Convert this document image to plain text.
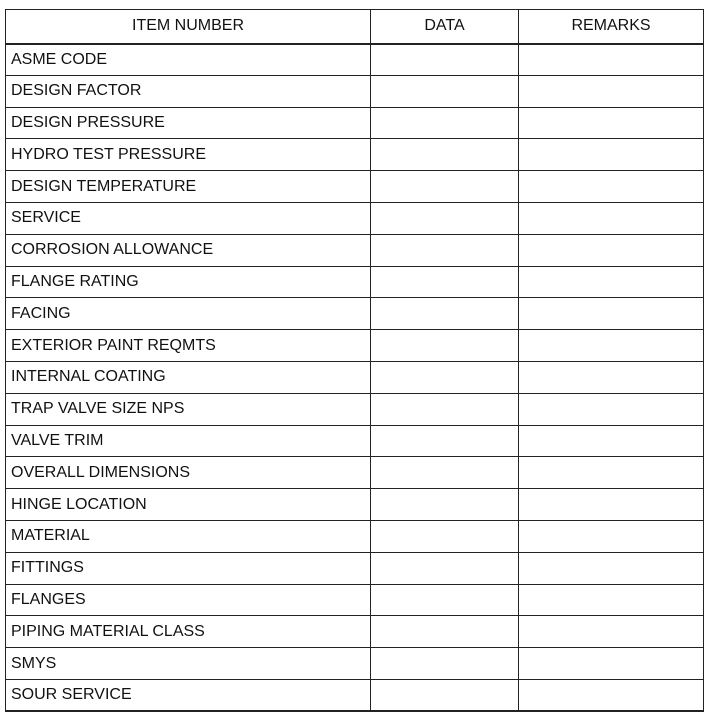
ITEM NUMBER	DATA	REMARKS
ASME CODE		
DESIGN FACTOR		
DESIGN PRESSURE		
HYDRO TEST PRESSURE		
DESIGN TEMPERATURE		
SERVICE		
CORROSION ALLOWANCE		
FLANGE RATING		
FACING		
EXTERIOR PAINT REQMTS		
INTERNAL COATING		
TRAP VALVE SIZE NPS		
VALVE TRIM		
OVERALL DIMENSIONS		
HINGE LOCATION		
MATERIAL		
FITTINGS		
FLANGES		
PIPING MATERIAL CLASS		
SMYS		
SOUR SERVICE		
